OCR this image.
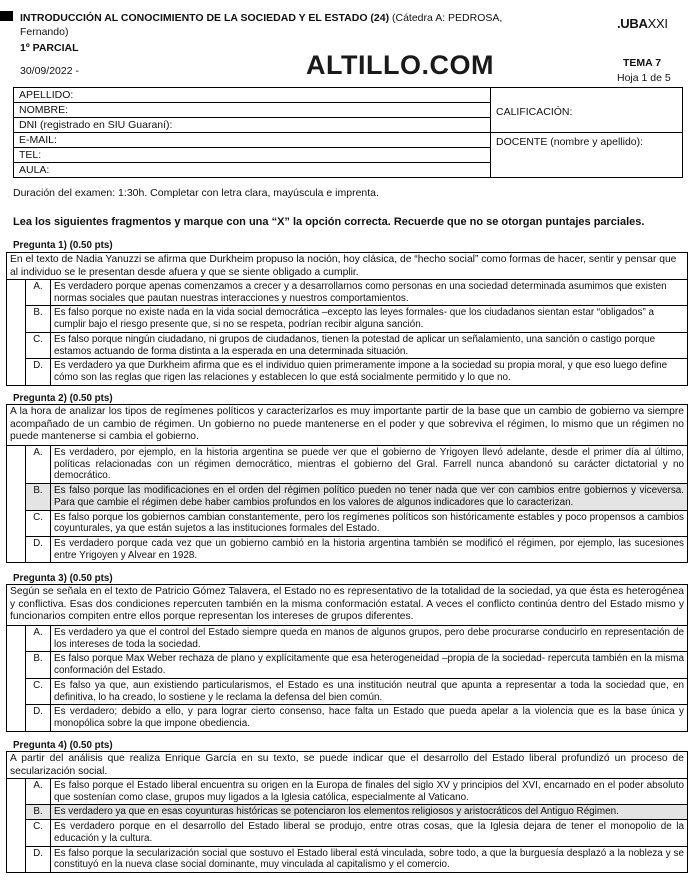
INTRODUCCIÓN AL CONOCIMIENTO DE LA SOCIEDAD Y EL ESTADO (24) (Cátedra A: PEDROSA, Fernando)
1º PARCIAL
30/09/2022 -
.UBAXXI
ALTILLO.COM	TEMA 7
Hoja 1 de 5
APELLIDO:	CALIFICACIÓN:
NOMBRE:	
DNI (registrado en SIU Guaraní):	
E-MAIL:	DOCENTE (nombre y apellido):
TEL:	
AULA:	
Duración del examen: 1:30h. Completar con letra clara, mayúscula e imprenta.
Lea los siguientes fragmentos y marque con una “X” la opción correcta. Recuerde que no se otorgan puntajes parciales.
Pregunta 1) (0.50 pts)
En el texto de Nadia Yanuzzi se afirma que Durkheim propuso la noción, hoy clásica, de “hecho social” como formas de hacer, sentir y pensar que al individuo se le presentan desde afuera y que se siente obligado a cumplir.
	A.	Es verdadero porque apenas comenzamos a crecer y a desarrollarnos como personas en una sociedad determinada asumimos que existen normas sociales que pautan nuestras interacciones y nuestros comportamientos.
	B.	Es falso porque no existe nada en la vida social democrática –excepto las leyes formales- que los ciudadanos sientan estar “obligados” a cumplir bajo el riesgo presente que, si no se respeta, podrían recibir alguna sanción.
	C.	Es falso porque ningún ciudadano, ni grupos de ciudadanos, tienen la potestad de aplicar un señalamiento, una sanción o castigo porque estamos actuando de forma distinta a la esperada en una determinada situación.
	D.	Es verdadero ya que Durkheim afirma que es el individuo quien primeramente impone a la sociedad su propia moral, y que eso luego define cómo son las reglas que rigen las relaciones y establecen lo que está socialmente permitido y lo que no.
Pregunta 2) (0.50 pts)
A la hora de analizar los tipos de regímenes políticos y caracterizarlos es muy importante partir de la base que un cambio de gobierno va siempre acompañado de un cambio de régimen. Un gobierno no puede mantenerse en el poder y que sobreviva el régimen, lo mismo que un régimen no puede mantenerse si cambia el gobierno.
	A.	Es verdadero, por ejemplo, en la historia argentina se puede ver que el gobierno de Yrigoyen llevó adelante, desde el primer día al último, políticas relacionadas con un régimen democrático, mientras el gobierno del Gral. Farrell nunca abandonó su carácter dictatorial y no democrático.
	B.	Es falso porque las modificaciones en el orden del régimen político pueden no tener nada que ver con cambios entre gobiernos y viceversa. Para que cambie el régimen debe haber cambios profundos en los valores de algunos indicadores que lo caracterizan.
	C.	Es falso porque los gobiernos cambian constantemente, pero los regímenes políticos son históricamente estables y poco propensos a cambios coyunturales, ya que están sujetos a las instituciones formales del Estado.
	D.	Es verdadero porque cada vez que un gobierno cambió en la historia argentina también se modificó el régimen, por ejemplo, las sucesiones entre Yrigoyen y Alvear en 1928.
Pregunta 3) (0.50 pts)
Según se señala en el texto de Patricio Gómez Talavera, el Estado no es representativo de la totalidad de la sociedad, ya que ésta es heterogénea y conflictiva. Esas dos condiciones repercuten también en la misma conformación estatal. A veces el conflicto continúa dentro del Estado mismo y funcionarios compiten entre ellos porque representan los intereses de grupos diferentes.
	A.	Es verdadero ya que el control del Estado siempre queda en manos de algunos grupos, pero debe procurarse conducirlo en representación de los intereses de toda la sociedad.
	B.	Es falso porque Max Weber rechaza de plano y explícitamente que esa heterogeneidad –propia de la sociedad- repercuta también en la misma conformación del Estado.
	C.	Es falso ya que, aun existiendo particularismos, el Estado es una institución neutral que apunta a representar a toda la sociedad que, en definitiva, lo ha creado, lo sostiene y le reclama la defensa del bien común.
	D.	Es verdadero; debido a ello, y para lograr cierto consenso, hace falta un Estado que pueda apelar a la violencia que es la base única y monopólica sobre la que impone obediencia.
Pregunta 4) (0.50 pts)
A partir del análisis que realiza Enrique García en su texto, se puede indicar que el desarrollo del Estado liberal profundizó un proceso de secularización social.
	A.	Es falso porque el Estado liberal encuentra su origen en la Europa de finales del siglo XV y principios del XVI, encarnado en el poder absoluto que sostenían como clase, grupos muy ligados a la Iglesia católica, especialmente al Vaticano.
	B.	Es verdadero ya que en esas coyunturas históricas se potenciaron los elementos religiosos y aristocráticos del Antiguo Régimen.
	C.	Es verdadero porque en el desarrollo del Estado liberal se produjo, entre otras cosas, que la Iglesia dejara de tener el monopolio de la educación y la cultura.
	D.	Es falso porque la secularización social que sostuvo el Estado liberal está vinculada, sobre todo, a que la burguesía desplazó a la nobleza y se constituyó en la nueva clase social dominante, muy vinculada al capitalismo y el comercio.
